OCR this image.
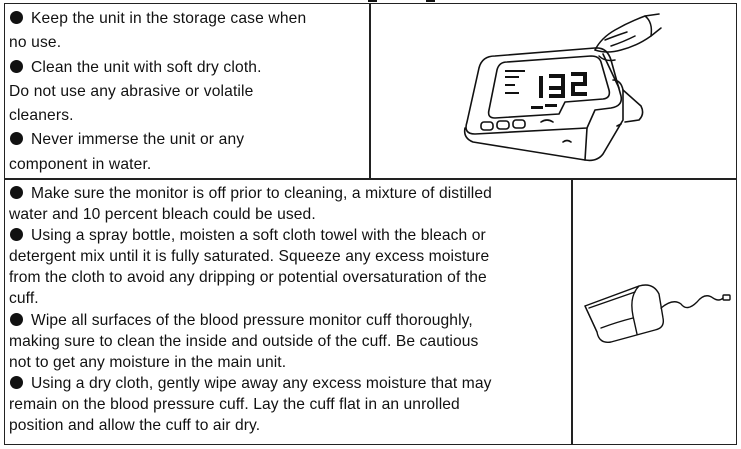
Keep the unit in the storage case when

no use.

Clean the unit with soft dry cloth.

Do not use any abrasive or volatile

cleaners.

Never immerse the unit or any

component in water.

Make sure the monitor is off prior to cleaning, a mixture of distilled

water and 10 percent bleach could be used.

Using a spray bottle, moisten a soft cloth towel with the bleach or

detergent mix until it is fully saturated. Squeeze any excess moisture

from the cloth to avoid any dripping or potential oversaturation of the

cuff.

Wipe all surfaces of the blood pressure monitor cuff thoroughly,

making sure to clean the inside and outside of the cuff. Be cautious

not to get any moisture in the main unit.

Using a dry cloth, gently wipe away any excess moisture that may

remain on the blood pressure cuff. Lay the cuff flat in an unrolled

position and allow the cuff to air dry.
